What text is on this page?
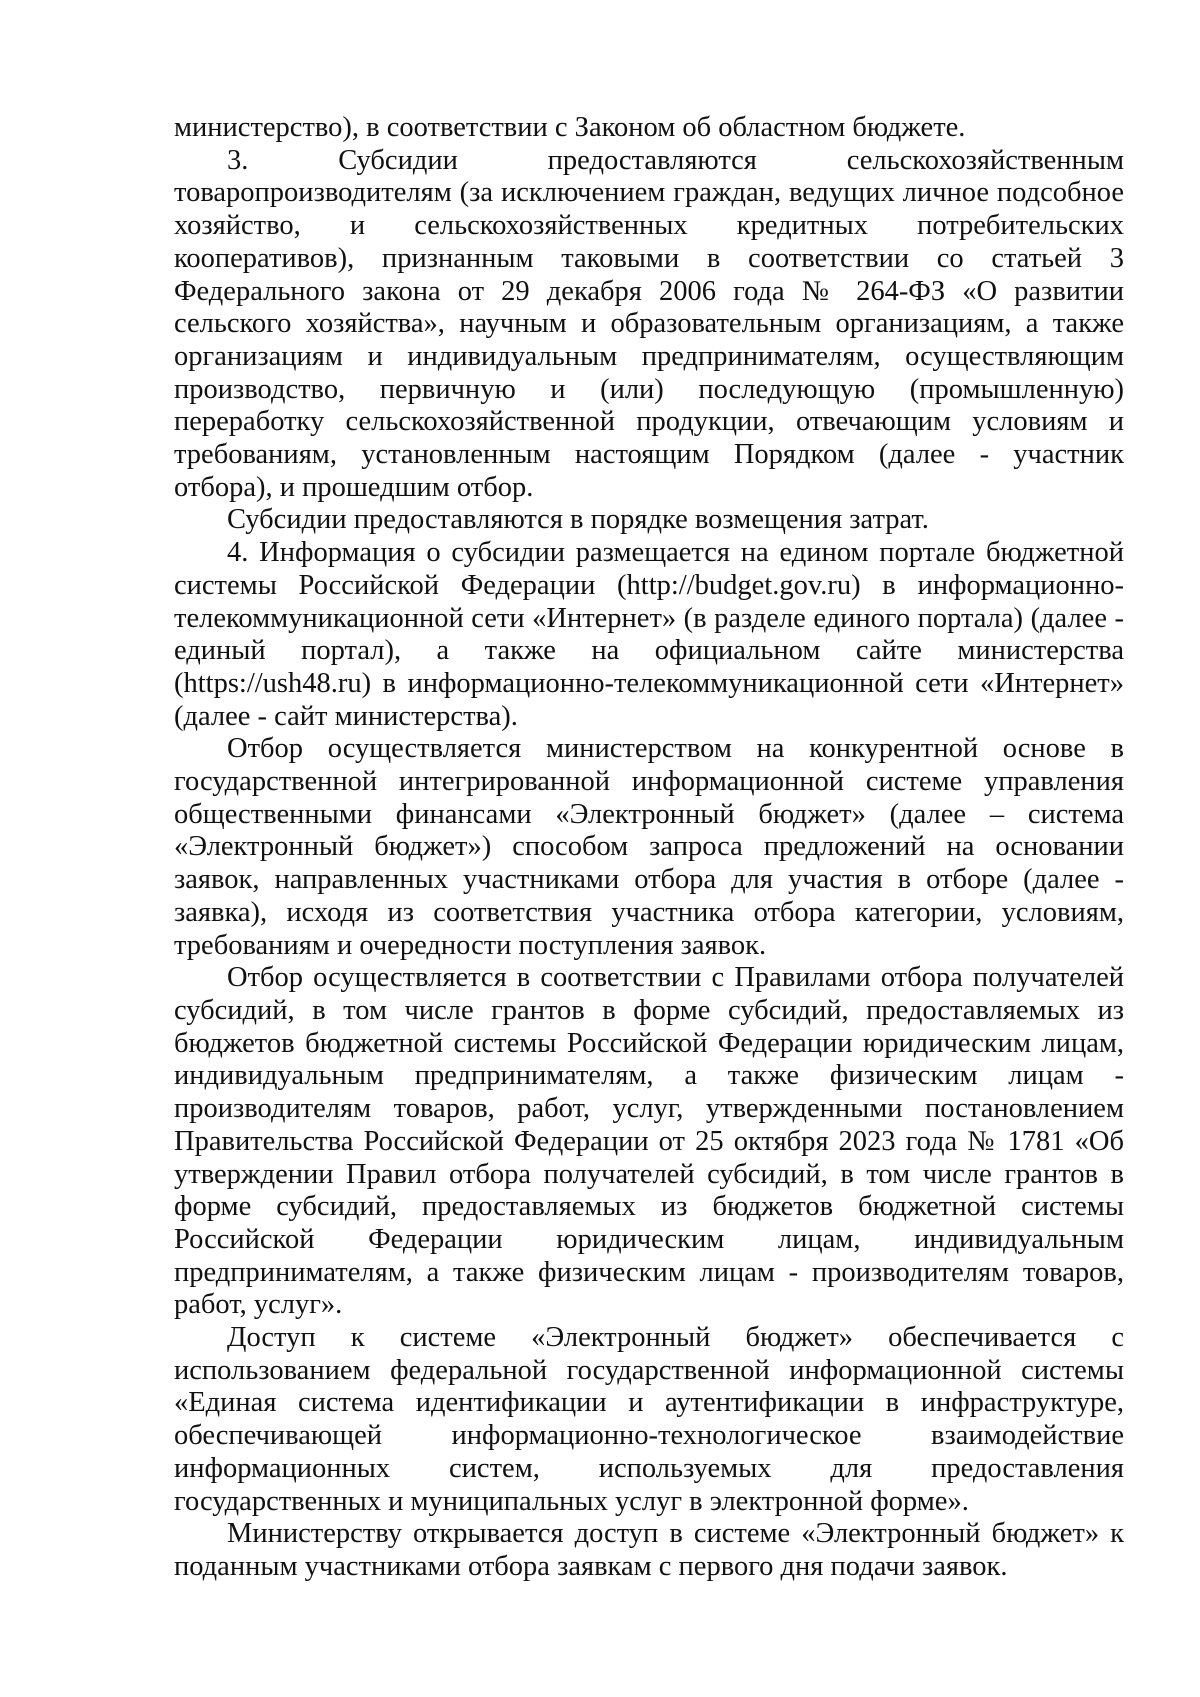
министерство), в соответствии с Законом об областном бюджете.

3. Субсидии предоставляются сельскохозяйственным товаропроизводителям (за исключением граждан, ведущих личное подсобное хозяйство, и сельскохозяйственных кредитных потребительских кооперативов), признанным таковыми в соответствии со статьей 3 Федерального закона от 29 декабря 2006 года № 264-ФЗ «О развитии сельского хозяйства», научным и образовательным организациям, а также организациям и индивидуальным предпринимателям, осуществляющим производство, первичную и (или) последующую (промышленную) переработку сельскохозяйственной продукции, отвечающим условиям и требованиям, установленным настоящим Порядком (далее - участник отбора), и прошедшим отбор.

Субсидии предоставляются в порядке возмещения затрат.

4. Информация о субсидии размещается на едином портале бюджетной системы Российской Федерации (http://budget.gov.ru) в информационно-телекоммуникационной сети «Интернет» (в разделе единого портала) (далее - единый портал), а также на официальном сайте министерства (https://ush48.ru) в информационно-телекоммуникационной сети «Интернет» (далее - сайт министерства).

Отбор осуществляется министерством на конкурентной основе в государственной интегрированной информационной системе управления общественными финансами «Электронный бюджет» (далее – система «Электронный бюджет») способом запроса предложений на основании заявок, направленных участниками отбора для участия в отборе (далее - заявка), исходя из соответствия участника отбора категории, условиям, требованиям и очередности поступления заявок.

Отбор осуществляется в соответствии с Правилами отбора получателей субсидий, в том числе грантов в форме субсидий, предоставляемых из бюджетов бюджетной системы Российской Федерации юридическим лицам, индивидуальным предпринимателям, а также физическим лицам - производителям товаров, работ, услуг, утвержденными постановлением Правительства Российской Федерации от 25 октября 2023 года № 1781 «Об утверждении Правил отбора получателей субсидий, в том числе грантов в форме субсидий, предоставляемых из бюджетов бюджетной системы Российской Федерации юридическим лицам, индивидуальным предпринимателям, а также физическим лицам - производителям товаров, работ, услуг».

Доступ к системе «Электронный бюджет» обеспечивается с использованием федеральной государственной информационной системы «Единая система идентификации и аутентификации в инфраструктуре, обеспечивающей информационно-технологическое взаимодействие информационных систем, используемых для предоставления государственных и муниципальных услуг в электронной форме».

Министерству открывается доступ в системе «Электронный бюджет» к поданным участниками отбора заявкам с первого дня подачи заявок.
